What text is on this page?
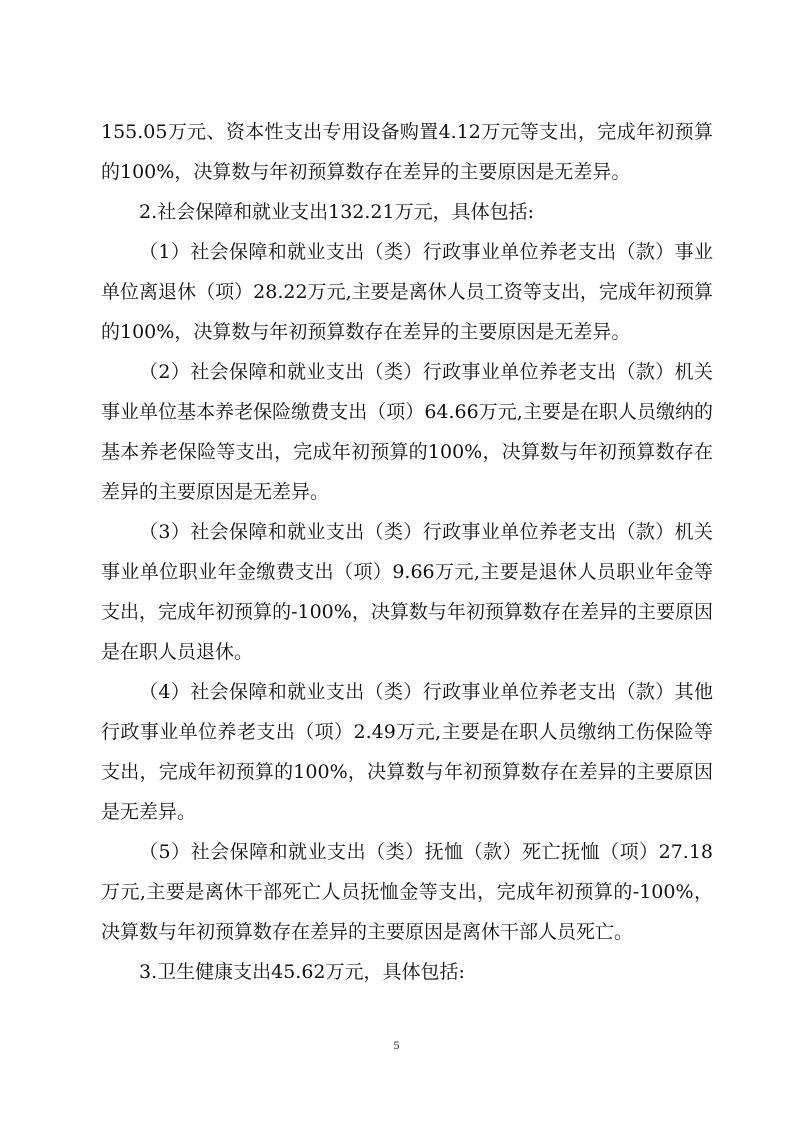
155.05万元、资本性支出专用设备购置4.12万元等支出，完成年初预算的100%，决算数与年初预算数存在差异的主要原因是无差异。

2.社会保障和就业支出132.21万元，具体包括:

（1）社会保障和就业支出（类）行政事业单位养老支出（款）事业单位离退休（项）28.22万元,主要是离休人员工资等支出，完成年初预算的100%，决算数与年初预算数存在差异的主要原因是无差异。

（2）社会保障和就业支出（类）行政事业单位养老支出（款）机关事业单位基本养老保险缴费支出（项）64.66万元,主要是在职人员缴纳的基本养老保险等支出，完成年初预算的100%，决算数与年初预算数存在差异的主要原因是无差异。

（3）社会保障和就业支出（类）行政事业单位养老支出（款）机关事业单位职业年金缴费支出（项）9.66万元,主要是退休人员职业年金等支出，完成年初预算的-100%，决算数与年初预算数存在差异的主要原因是在职人员退休。

（4）社会保障和就业支出（类）行政事业单位养老支出（款）其他行政事业单位养老支出（项）2.49万元,主要是在职人员缴纳工伤保险等支出，完成年初预算的100%，决算数与年初预算数存在差异的主要原因是无差异。

（5）社会保障和就业支出（类）抚恤（款）死亡抚恤（项）27.18万元,主要是离休干部死亡人员抚恤金等支出，完成年初预算的-100%，决算数与年初预算数存在差异的主要原因是离休干部人员死亡。

3.卫生健康支出45.62万元，具体包括:

5
